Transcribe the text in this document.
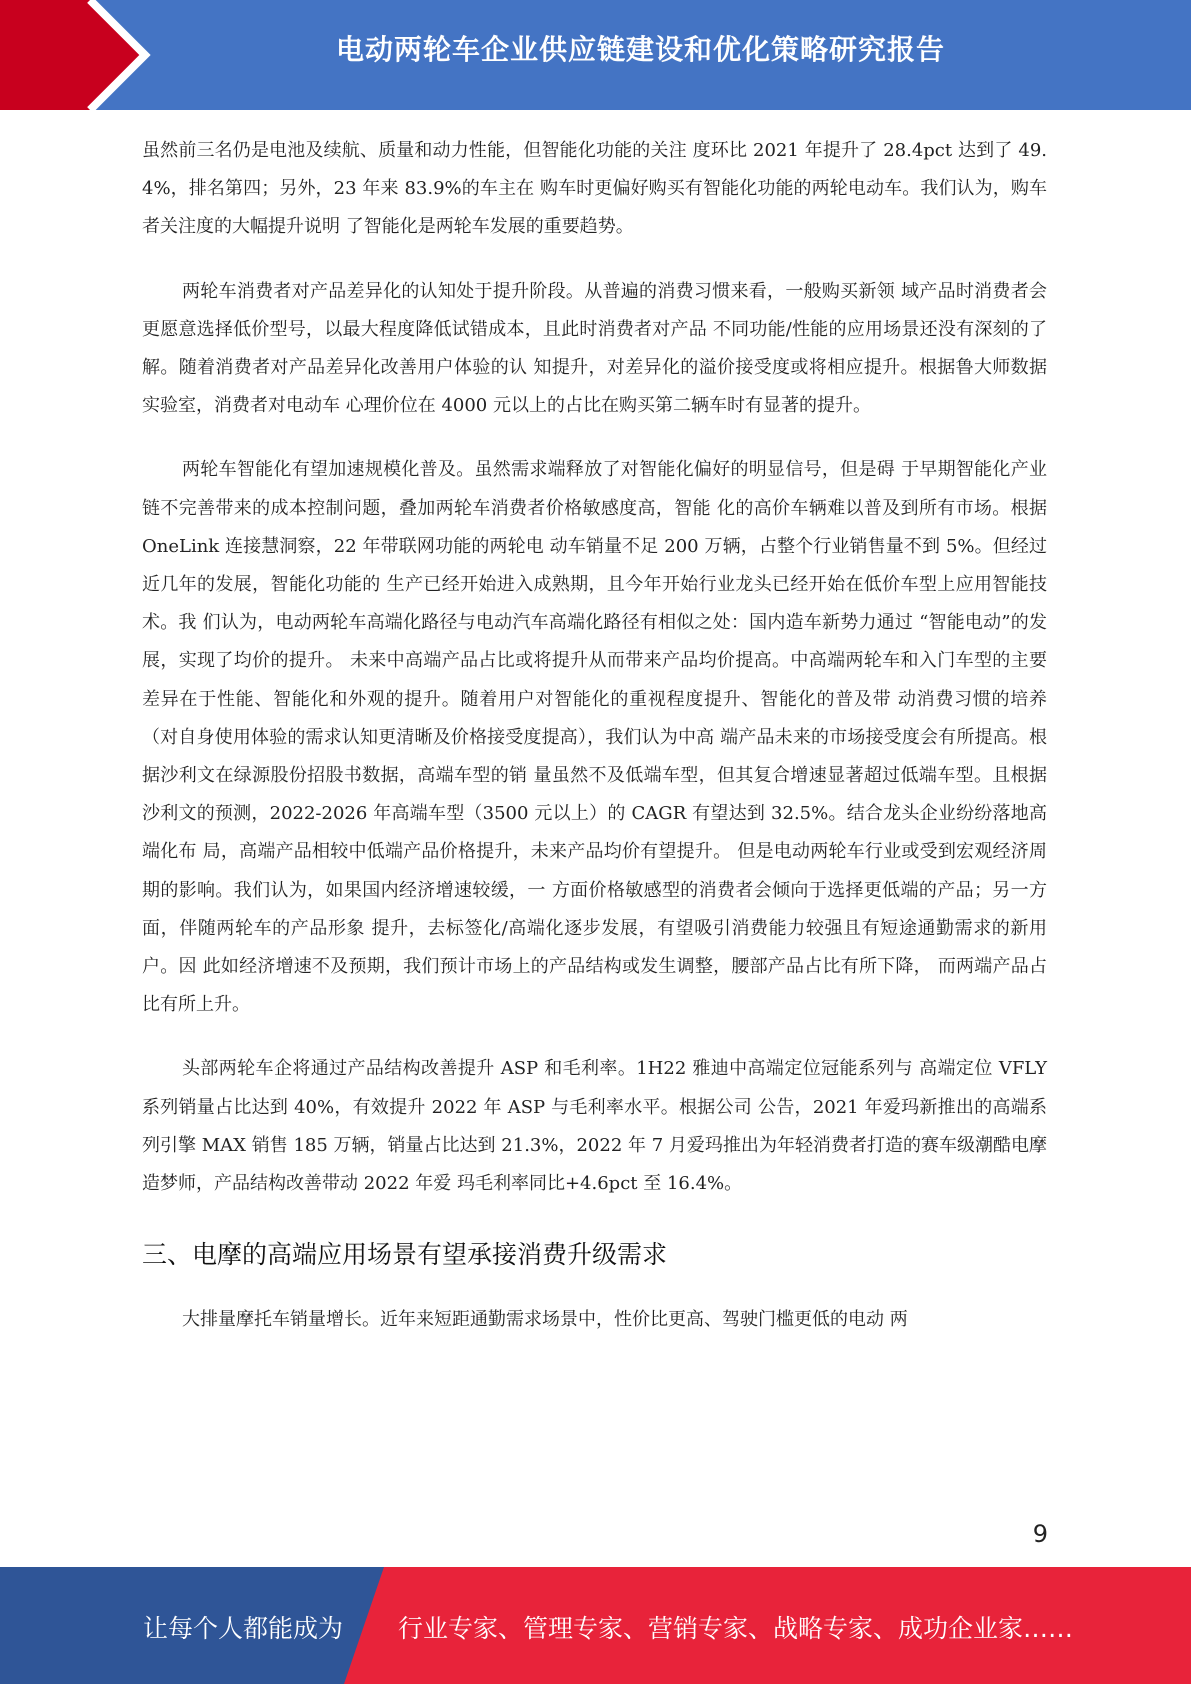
电动两轮车企业供应链建设和优化策略研究报告

虽然前三名仍是电池及续航、质量和动力性能，但智能化功能的关注 度环比 2021 年提升了 28.4pct 达到了 49.4%，排名第四；另外，23 年来 83.9%的车主在 购车时更偏好购买有智能化功能的两轮电动车。我们认为，购车者关注度的大幅提升说明 了智能化是两轮车发展的重要趋势。

两轮车消费者对产品差异化的认知处于提升阶段。从普遍的消费习惯来看，一般购买新领 域产品时消费者会更愿意选择低价型号，以最大程度降低试错成本，且此时消费者对产品 不同功能/性能的应用场景还没有深刻的了解。随着消费者对产品差异化改善用户体验的认 知提升，对差异化的溢价接受度或将相应提升。根据鲁大师数据实验室，消费者对电动车 心理价位在 4000 元以上的占比在购买第二辆车时有显著的提升。

两轮车智能化有望加速规模化普及。虽然需求端释放了对智能化偏好的明显信号，但是碍 于早期智能化产业链不完善带来的成本控制问题，叠加两轮车消费者价格敏感度高，智能 化的高价车辆难以普及到所有市场。根据 OneLink 连接慧洞察，22 年带联网功能的两轮电 动车销量不足 200 万辆，占整个行业销售量不到 5%。但经过近几年的发展，智能化功能的 生产已经开始进入成熟期，且今年开始行业龙头已经开始在低价车型上应用智能技术。我 们认为，电动两轮车高端化路径与电动汽车高端化路径有相似之处：国内造车新势力通过 “智能电动”的发展，实现了均价的提升。 未来中高端产品占比或将提升从而带来产品均价提高。中高端两轮车和入门车型的主要差异在于性能、智能化和外观的提升。随着用户对智能化的重视程度提升、智能化的普及带 动消费习惯的培养（对自身使用体验的需求认知更清晰及价格接受度提高），我们认为中高 端产品未来的市场接受度会有所提高。根据沙利文在绿源股份招股书数据，高端车型的销 量虽然不及低端车型，但其复合增速显著超过低端车型。且根据沙利文的预测，2022-2026 年高端车型（3500 元以上）的 CAGR 有望达到 32.5%。结合龙头企业纷纷落地高端化布 局，高端产品相较中低端产品价格提升，未来产品均价有望提升。 但是电动两轮车行业或受到宏观经济周期的影响。我们认为，如果国内经济增速较缓，一 方面价格敏感型的消费者会倾向于选择更低端的产品；另一方面，伴随两轮车的产品形象 提升，去标签化/高端化逐步发展，有望吸引消费能力较强且有短途通勤需求的新用户。因 此如经济增速不及预期，我们预计市场上的产品结构或发生调整，腰部产品占比有所下降， 而两端产品占比有所上升。

头部两轮车企将通过产品结构改善提升 ASP 和毛利率。1H22 雅迪中高端定位冠能系列与 高端定位 VFLY 系列销量占比达到 40%，有效提升 2022 年 ASP 与毛利率水平。根据公司 公告，2021 年爱玛新推出的高端系列引擎 MAX 销售 185 万辆，销量占比达到 21.3%，2022 年 7 月爱玛推出为年轻消费者打造的赛车级潮酷电摩造梦师，产品结构改善带动 2022 年爱 玛毛利率同比+4.6pct 至 16.4%。

三、电摩的高端应用场景有望承接消费升级需求

大排量摩托车销量增长。近年来短距通勤需求场景中，性价比更高、驾驶门槛更低的电动 两

9
让每个人都能成为 行业专家、管理专家、营销专家、战略专家、成功企业家……
